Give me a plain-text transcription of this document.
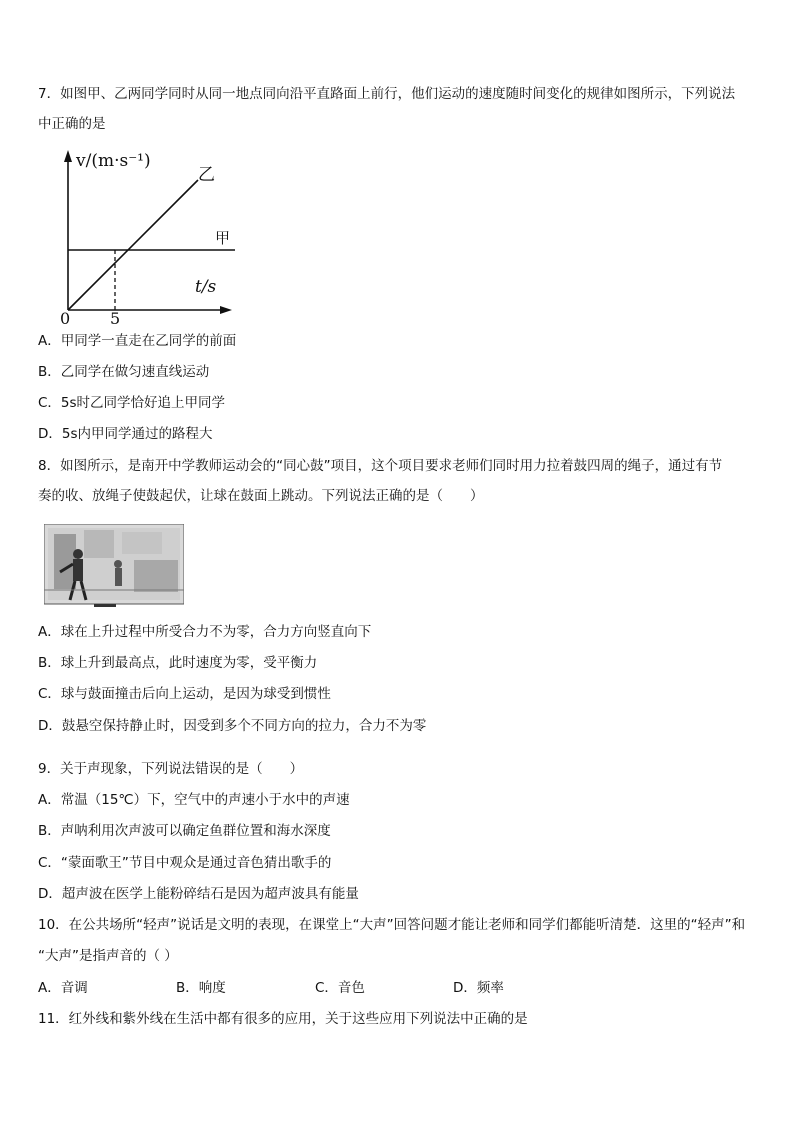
7．如图甲、乙两同学同时从同一地点同向沿平直路面上前行，他们运动的速度随时间变化的规律如图所示，下列说法
中正确的是
v/(m·s⁻¹)
t/s
0 5
乙
甲
A．甲同学一直走在乙同学的前面
B．乙同学在做匀速直线运动
C．5s时乙同学恰好追上甲同学
D．5s内甲同学通过的路程大
8．如图所示，是南开中学教师运动会的“同心鼓”项目，这个项目要求老师们同时用力拉着鼓四周的绳子，通过有节
奏的收、放绳子使鼓起伏，让球在鼓面上跳动。下列说法正确的是（　　）
A．球在上升过程中所受合力不为零，合力方向竖直向下
B．球上升到最高点，此时速度为零，受平衡力
C．球与鼓面撞击后向上运动，是因为球受到惯性
D．鼓悬空保持静止时，因受到多个不同方向的拉力，合力不为零
9．关于声现象，下列说法错误的是（　　）
A．常温（15℃）下，空气中的声速小于水中的声速
B．声呐利用次声波可以确定鱼群位置和海水深度
C．“蒙面歌王”节目中观众是通过音色猜出歌手的
D．超声波在医学上能粉碎结石是因为超声波具有能量
10．在公共场所“轻声”说话是文明的表现，在课堂上“大声”回答问题才能让老师和同学们都能听清楚．这里的“轻声”和
“大声”是指声音的（ ）
A．音调	B．响度	C．音色	D．频率
11．红外线和紫外线在生活中都有很多的应用，关于这些应用下列说法中正确的是
